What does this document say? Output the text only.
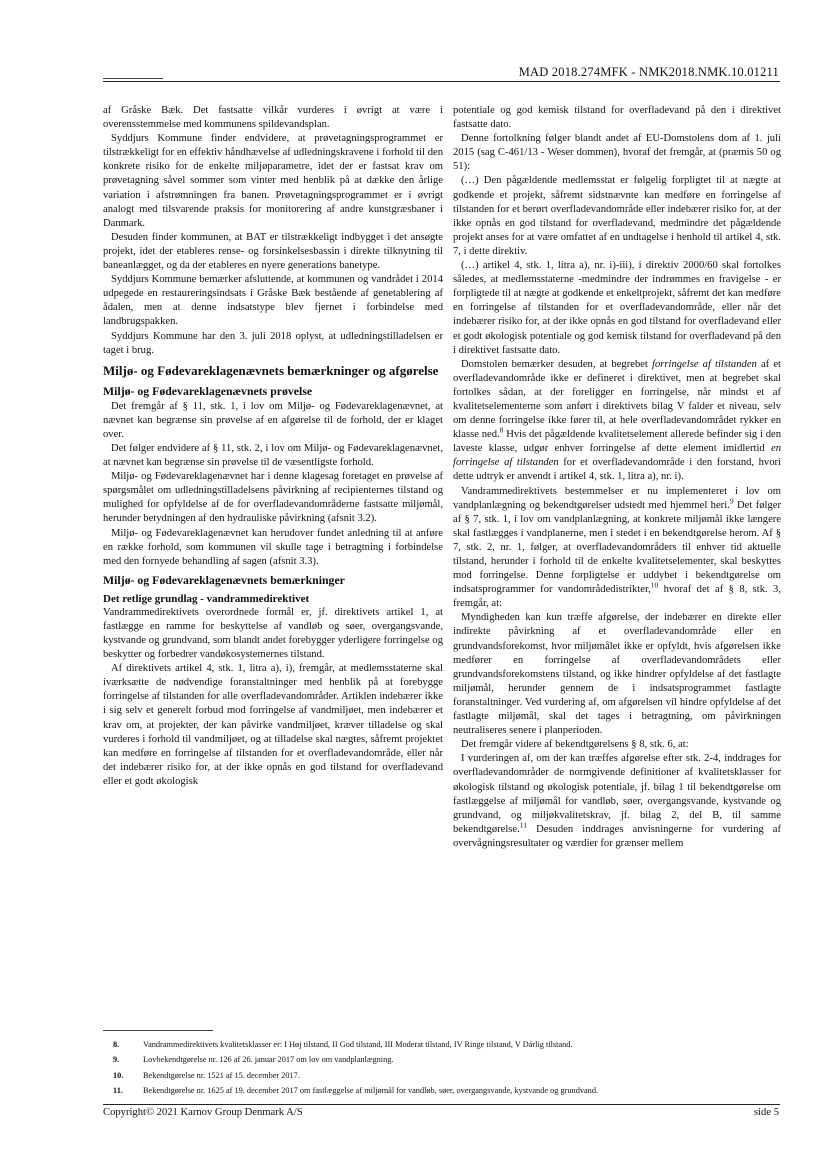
MAD 2018.274MFK - NMK2018.NMK.10.01211

af Gråske Bæk. Det fastsatte vilkår vurderes i øvrigt at være i overensstemmelse med kommunens spildevandsplan.

Syddjurs Kommune finder endvidere, at prøvetagningsprogrammet er tilstrækkeligt for en effektiv håndhævelse af udledningskravene i forhold til den konkrete risiko for de enkelte miljøparametre, idet der er fastsat krav om prøvetagning såvel sommer som vinter med henblik på at dække den årlige variation i afstrømningen fra banen. Prøvetagningsprogrammet er i øvrigt analogt med tilsvarende praksis for monitorering af andre kunstgræsbaner i Danmark.

Desuden finder kommunen, at BAT er tilstrækkeligt indbygget i det ansøgte projekt, idet der etableres rense- og forsinkelsesbassin i direkte tilknytning til baneanlægget, og da der etableres en nyere generations banetype.

Syddjurs Kommune bemærker afsluttende, at kommunen og vandrådet i 2014 udpegede en restaureringsindsats i Gråske Bæk bestående af genetablering af ådalen, men at denne indsatstype blev fjernet i forbindelse med landbrugspakken.

Syddjurs Kommune har den 3. juli 2018 oplyst, at udledningstilladelsen er taget i brug.

Miljø- og Fødevareklagenævnets bemærkninger og afgørelse
Miljø- og Fødevareklagenævnets prøvelse

Det fremgår af § 11, stk. 1, i lov om Miljø- og Fødevareklagenævnet, at nævnet kan begrænse sin prøvelse af en afgørelse til de forhold, der er klaget over.

Det følger endvidere af § 11, stk. 2, i lov om Miljø- og Fødevareklagenævnet, at nævnet kan begrænse sin prøvelse til de væsentligste forhold.

Miljø- og Fødevareklagenævnet har i denne klagesag foretaget en prøvelse af spørgsmålet om udledningstilladelsens påvirkning af recipienternes tilstand og mulighed for opfyldelse af de for overfladevandområderne fastsatte miljømål, herunder betydningen af den hydrauliske påvirkning (afsnit 3.2).

Miljø- og Fødevareklagenævnet kan herudover fundet anledning til at anføre en række forhold, som kommunen vil skulle tage i betragtning i forbindelse med den fornyede behandling af sagen (afsnit 3.3).

Miljø- og Fødevareklagenævnets bemærkninger
Det retlige grundlag - vandrammedirektivet

Vandrammedirektivets overordnede formål er, jf. direktivets artikel 1, at fastlægge en ramme for beskyttelse af vandløb og søer, overgangsvande, kystvande og grundvand, som blandt andet forebygger yderligere forringelse og beskytter og forbedrer vandøkosystemernes tilstand.

Af direktivets artikel 4, stk. 1, litra a), i), fremgår, at medlemsstaterne skal iværksætte de nødvendige foranstaltninger med henblik på at forebygge forringelse af tilstanden for alle overfladevandområder. Artiklen indebærer ikke i sig selv et generelt forbud mod forringelse af vandmiljøet, men indebærer et krav om, at projekter, der kan påvirke vandmiljøet, kræver tilladelse og skal vurderes i forhold til vandmiljøet, og at tilladelse skal nægtes, såfremt projektet kan medføre en forringelse af tilstanden for et overfladevandområde, eller når det indebærer risiko for, at der ikke opnås en god tilstand for overfladevand eller et godt økologisk

potentiale og god kemisk tilstand for overfladevand på den i direktivet fastsatte dato.

Denne fortolkning følger blandt andet af EU-Domstolens dom af 1. juli 2015 (sag C-461/13 - Weser dommen), hvoraf det fremgår, at (præmis 50 og 51):

(…) Den pågældende medlemsstat er følgelig forpligtet til at nægte at godkende et projekt, såfremt sidstnævnte kan medføre en forringelse af tilstanden for et berørt overfladevandområde eller indebærer risiko for, at der ikke opnås en god tilstand for overfladevand, medmindre det pågældende projekt anses for at være omfattet af en undtagelse i henhold til artikel 4, stk. 7, i dette direktiv.

(…) artikel 4, stk. 1, litra a), nr. i)-iii), i direktiv 2000/60 skal fortolkes således, at medlemsstaterne -medmindre der indrømmes en fravigelse - er forpligtede til at nægte at godkende et enkeltprojekt, såfremt det kan medføre en forringelse af tilstanden for et overfladevandområde, eller når det indebærer risiko for, at der ikke opnås en god tilstand for overfladevand eller et godt økologisk potentiale og god kemisk tilstand for overfladevand på den i direktivet fastsatte dato.

Domstolen bemærker desuden, at begrebet forringelse af tilstanden af et overfladevandområde ikke er defineret i direktivet, men at begrebet skal fortolkes sådan, at der foreligger en forringelse, når mindst et af kvalitetselementerne som anført i direktivets bilag V falder et niveau, selv om denne forringelse ikke fører til, at hele overfladevandområdet rykker en klasse ned.$^8$ Hvis det pågældende kvalitetselement allerede befinder sig i den laveste klasse, udgør enhver forringelse af dette element imidlertid en forringelse af tilstanden for et overfladevandområde i den forstand, hvori dette udtryk er anvendt i artikel 4, stk. 1, litra a), nr. i).

Vandrammedirektivets bestemmelser er nu implementeret i lov om vandplanlægning og bekendtgørelser udstedt med hjemmel heri.$^9$ Det følger af § 7, stk. 1, i lov om vandplanlægning, at konkrete miljømål ikke længere skal fastlægges i vandplanerne, men i stedet i en bekendtgørelse herom. Af § 7, stk. 2, nr. 1, følger, at overfladevandområders til enhver tid aktuelle tilstand, herunder i forhold til de enkelte kvalitetselementer, skal beskyttes mod forringelse. Denne forpligtelse er uddybet i bekendtgørelse om indsatsprogrammer for vandområdedistrikter,$^{10}$ hvoraf det af § 8, stk. 3, fremgår, at:

Myndigheden kan kun træffe afgørelse, der indebærer en direkte eller indirekte påvirkning af et overfladevandområde eller en grundvandsforekomst, hvor miljømålet ikke er opfyldt, hvis afgørelsen ikke medfører en forringelse af overfladevandområdets eller grundvandsforekomstens tilstand, og ikke hindrer opfyldelse af det fastlagte miljømål, herunder gennem de i indsatsprogrammet fastlagte foranstaltninger. Ved vurdering af, om afgørelsen vil hindre opfyldelse af det fastlagte miljømål, skal det tages i betragtning, om påvirkningen neutraliseres senere i planperioden.

Det fremgår videre af bekendtgørelsens § 8, stk. 6, at:

I vurderingen af, om der kan træffes afgørelse efter stk. 2-4, inddrages for overfladevandområder de normgivende definitioner af kvalitetsklasser for økologisk tilstand og økologisk potentiale, jf. bilag 1 til bekendtgørelse om fastlæggelse af miljømål for vandløb, søer, overgangsvande, kystvande og grundvand, og miljøkvalitetskrav, jf. bilag 2, del B, til samme bekendtgørelse.$^{11}$ Desuden inddrages anvisningerne for vurdering af overvågningsresultater og værdier for grænser mellem

8.	Vandrammedirektivets kvalitetsklasser er: I Høj tilstand, II God tilstand, III Moderat tilstand, IV Ringe tilstand, V Dårlig tilstand.
9.	Lovbekendtgørelse nr. 126 af 26. januar 2017 om lov om vandplanlægning.
10.	Bekendtgørelse nr. 1521 af 15. december 2017.
11.	Bekendtgørelse nr. 1625 af 19. december 2017 om fastlæggelse af miljømål for vandløb, søer, overgangsvande, kystvande og grundvand.
Copyright© 2021 Karnov Group Denmark A/S	side 5
